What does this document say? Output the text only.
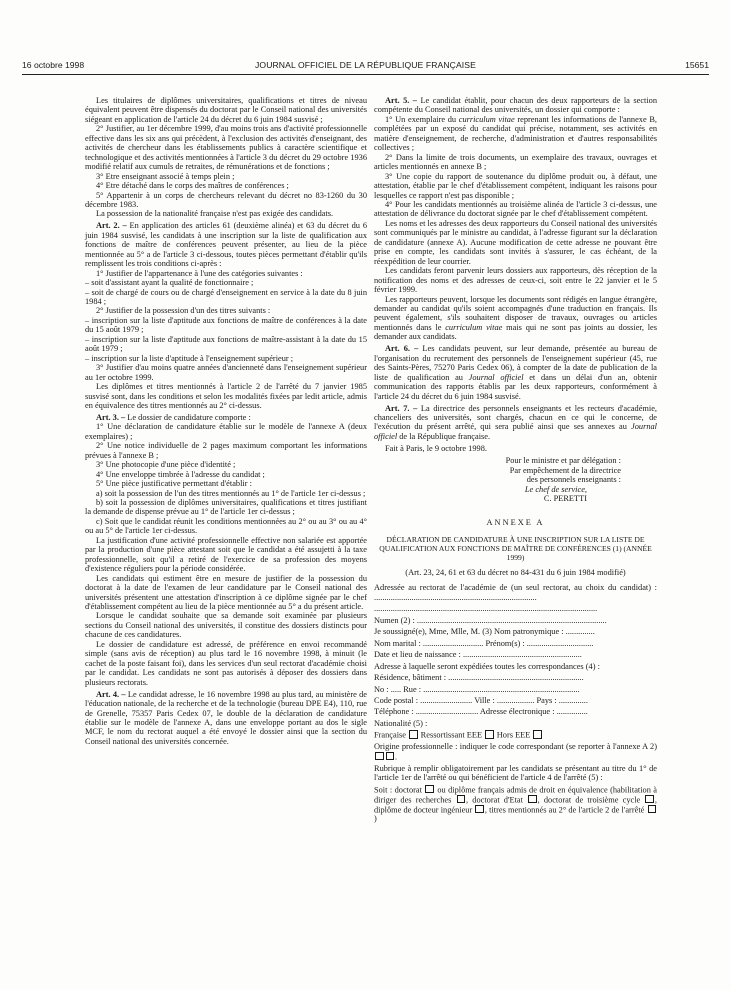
16 octobre 1998	JOURNAL OFFICIEL DE LA RÉPUBLIQUE FRANÇAISE	15651

Les titulaires de diplômes universitaires, qualifications et titres de niveau équivalent peuvent être dispensés du doctorat par le Conseil national des universités siégeant en application de l'article 24 du décret du 6 juin 1984 susvisé ;

2° Justifier, au 1er décembre 1999, d'au moins trois ans d'activité professionnelle effective dans les six ans qui précèdent, à l'exclusion des activités d'enseignant, des activités de chercheur dans les établissements publics à caractère scientifique et technologique et des activités mentionnées à l'article 3 du décret du 29 octobre 1936 modifié relatif aux cumuls de retraites, de rémunérations et de fonctions ;

3° Etre enseignant associé à temps plein ;

4° Etre détaché dans le corps des maîtres de conférences ;

5° Appartenir à un corps de chercheurs relevant du décret no 83-1260 du 30 décembre 1983.

La possession de la nationalité française n'est pas exigée des candidats.

Art. 2. – En application des articles 61 (deuxième alinéa) et 63 du décret du 6 juin 1984 susvisé, les candidats à une inscription sur la liste de qualification aux fonctions de maître de conférences peuvent présenter, au lieu de la pièce mentionnée au 5° a de l'article 3 ci-dessous, toutes pièces permettant d'établir qu'ils remplissent les trois conditions ci-après :

1° Justifier de l'appartenance à l'une des catégories suivantes :

– soit d'assistant ayant la qualité de fonctionnaire ;

– soit de chargé de cours ou de chargé d'enseignement en service à la date du 8 juin 1984 ;

2° Justifier de la possession d'un des titres suivants :

– inscription sur la liste d'aptitude aux fonctions de maître de conférences à la date du 15 août 1979 ;

– inscription sur la liste d'aptitude aux fonctions de maître-assistant à la date du 15 août 1979 ;

– inscription sur la liste d'aptitude à l'enseignement supérieur ;

3° Justifier d'au moins quatre années d'ancienneté dans l'enseignement supérieur au 1er octobre 1999.

Les diplômes et titres mentionnés à l'article 2 de l'arrêté du 7 janvier 1985 susvisé sont, dans les conditions et selon les modalités fixées par ledit article, admis en équivalence des titres mentionnés au 2° ci-dessus.

Art. 3. – Le dossier de candidature comporte :

1° Une déclaration de candidature établie sur le modèle de l'annexe A (deux exemplaires) ;

2° Une notice individuelle de 2 pages maximum comportant les informations prévues à l'annexe B ;

3° Une photocopie d'une pièce d'identité ;

4° Une enveloppe timbrée à l'adresse du candidat ;

5° Une pièce justificative permettant d'établir :

a) soit la possession de l'un des titres mentionnés au 1° de l'article 1er ci-dessus ;

b) soit la possession de diplômes universitaires, qualifications et titres justifiant la demande de dispense prévue au 1° de l'article 1er ci-dessus ;

c) Soit que le candidat réunit les conditions mentionnées au 2° ou au 3° ou au 4° ou au 5° de l'article 1er ci-dessus.

La justification d'une activité professionnelle effective non salariée est apportée par la production d'une pièce attestant soit que le candidat a été assujetti à la taxe professionnelle, soit qu'il a retiré de l'exercice de sa profession des moyens d'existence réguliers pour la période considérée.

Les candidats qui estiment être en mesure de justifier de la possession du doctorat à la date de l'examen de leur candidature par le Conseil national des universités présentent une attestation d'inscription à ce diplôme signée par le chef d'établissement compétent au lieu de la pièce mentionnée au 5° a du présent article.

Lorsque le candidat souhaite que sa demande soit examinée par plusieurs sections du Conseil national des universités, il constitue des dossiers distincts pour chacune de ces candidatures.

Le dossier de candidature est adressé, de préférence en envoi recommandé simple (sans avis de réception) au plus tard le 16 novembre 1998, à minuit (le cachet de la poste faisant foi), dans les services d'un seul rectorat d'académie choisi par le candidat. Les candidats ne sont pas autorisés à déposer des dossiers dans plusieurs rectorats.

Art. 4. – Le candidat adresse, le 16 novembre 1998 au plus tard, au ministère de l'éducation nationale, de la recherche et de la technologie (bureau DPE E4), 110, rue de Grenelle, 75357 Paris Cedex 07, le double de la déclaration de candidature établie sur le modèle de l'annexe A, dans une enveloppe portant au dos le sigle MCF, le nom du rectorat auquel a été envoyé le dossier ainsi que la section du Conseil national des universités concernée.

Art. 5. – Le candidat établit, pour chacun des deux rapporteurs de la section compétente du Conseil national des universités, un dossier qui comporte :

1° Un exemplaire du curriculum vitae reprenant les informations de l'annexe B, complétées par un exposé du candidat qui précise, notamment, ses activités en matière d'enseignement, de recherche, d'administration et d'autres responsabilités collectives ;

2° Dans la limite de trois documents, un exemplaire des travaux, ouvrages et articles mentionnés en annexe B ;

3° Une copie du rapport de soutenance du diplôme produit ou, à défaut, une attestation, établie par le chef d'établissement compétent, indiquant les raisons pour lesquelles ce rapport n'est pas disponible ;

4° Pour les candidats mentionnés au troisième alinéa de l'article 3 ci-dessus, une attestation de délivrance du doctorat signée par le chef d'établissement compétent.

Les noms et les adresses des deux rapporteurs du Conseil national des universités sont communiqués par le ministre au candidat, à l'adresse figurant sur la déclaration de candidature (annexe A). Aucune modification de cette adresse ne pouvant être prise en compte, les candidats sont invités à s'assurer, le cas échéant, de la réexpédition de leur courrier.

Les candidats feront parvenir leurs dossiers aux rapporteurs, dès réception de la notification des noms et des adresses de ceux-ci, soit entre le 22 janvier et le 5 février 1999.

Les rapporteurs peuvent, lorsque les documents sont rédigés en langue étrangère, demander au candidat qu'ils soient accompagnés d'une traduction en français. Ils peuvent également, s'ils souhaitent disposer de travaux, ouvrages ou articles mentionnés dans le curriculum vitae mais qui ne sont pas joints au dossier, les demander aux candidats.

Art. 6. – Les candidats peuvent, sur leur demande, présentée au bureau de l'organisation du recrutement des personnels de l'enseignement supérieur (45, rue des Saints-Pères, 75270 Paris Cedex 06), à compter de la date de publication de la liste de qualification au Journal officiel et dans un délai d'un an, obtenir communication des rapports établis par les deux rapporteurs, conformément à l'article 24 du décret du 6 juin 1984 susvisé.

Art. 7. – La directrice des personnels enseignants et les recteurs d'académie, chanceliers des universités, sont chargés, chacun en ce qui le concerne, de l'exécution du présent arrêté, qui sera publié ainsi que ses annexes au Journal officiel de la République française.

Fait à Paris, le 9 octobre 1998.

Pour le ministre et par délégation :
Par empêchement de la directrice
des personnels enseignants :
Le chef de service,
C. PERETTI

ANNEXE A

DÉCLARATION DE CANDIDATURE À UNE INSCRIPTION SUR LA LISTE DE QUALIFICATION AUX FONCTIONS DE MAÎTRE DE CONFÉRENCES (1) (ANNÉE 1999)

(Art. 23, 24, 61 et 63 du décret no 84-431 du 6 juin 1984 modifié)

Adressée au rectorat de l'académie de (un seul rectorat, au choix du candidat) : ..............................................................................

...........................................................................................................

Numen (2) : ...........................................................................................

Je soussigné(e), Mme, Mlle, M. (3) Nom patronymique : ..............

Nom marital : ............................. Prénom(s) : ................................

Date et lieu de naissance : .........................................................

Adresse à laquelle seront expédiées toutes les correspondances (4) :

Résidence, bâtiment : .................................................................

No : ..... Rue : ...........................................................................

Code postal : ......................... Ville : .................. Pays : ..............

Téléphone : .............................. Adresse électronique : ...............

Nationalité (5) :

Française Ressortissant EEE Hors EEE

Origine professionnelle : indiquer le code correspondant (se reporter à l'annexe A 2) .

Rubrique à remplir obligatoirement par les candidats se présentant au titre du 1° de l'article 1er de l'arrêté ou qui bénéficient de l'article 4 de l'arrêté (5) :

Soit : doctorat ou diplôme français admis de droit en équivalence (habilitation à diriger des recherches , doctorat d'Etat , doctorat de troisième cycle , diplôme de docteur ingénieur , titres mentionnés au 2° de l'article 2 de l'arrêté )
